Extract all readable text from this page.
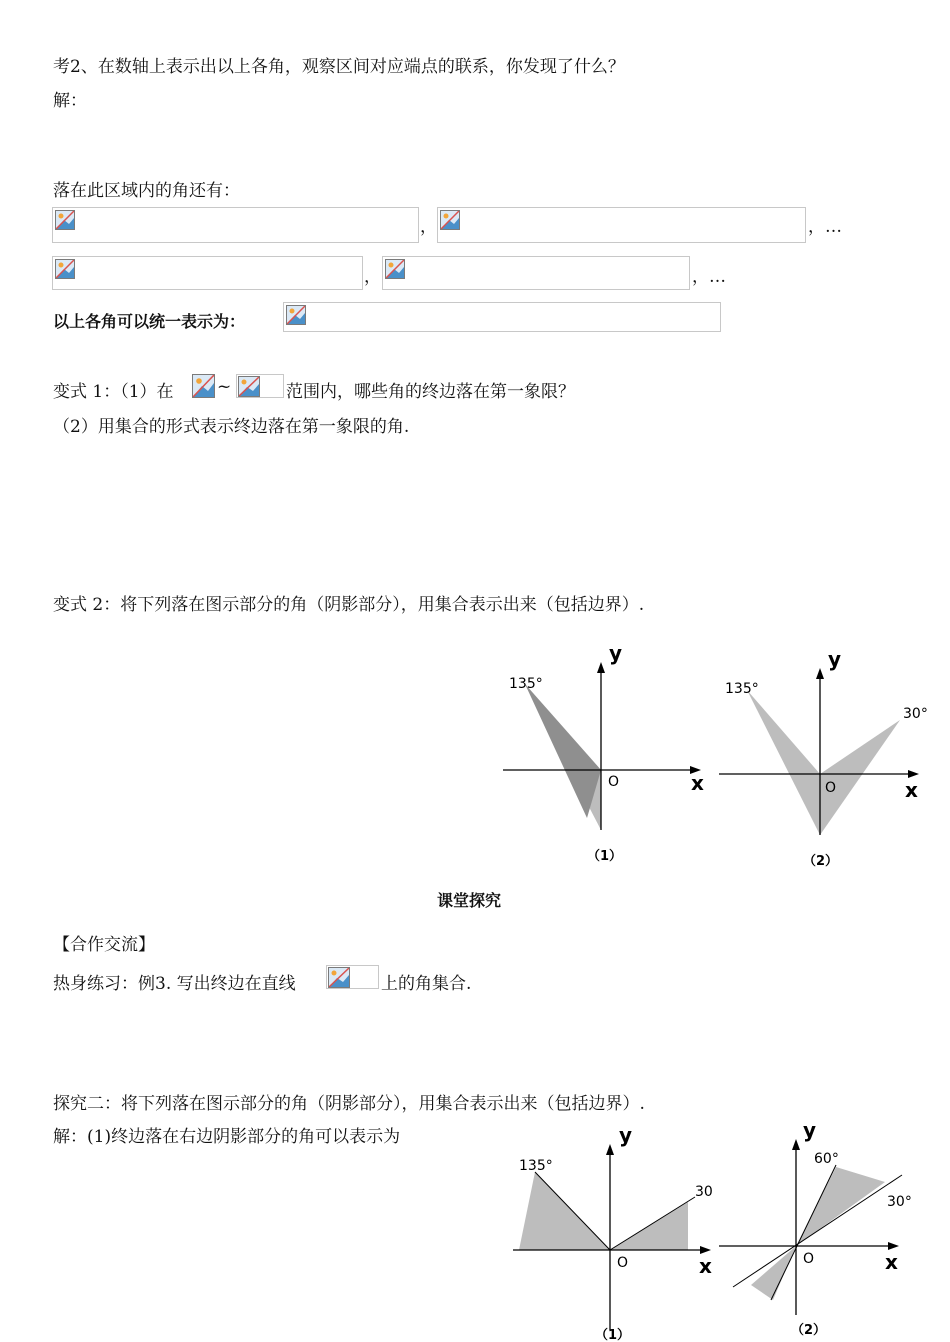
考2、在数轴上表示出以上各角，观察区间对应端点的联系，你发现了什么？
解：
落在此区域内的角还有：
，	，…
，	，…
以上各角可以统一表示为：
变式 1：（1）在	~	范围内，哪些角的终边落在第一象限？
（2）用集合的形式表示终边落在第一象限的角.
变式 2：将下列落在图示部分的角（阴影部分），用集合表示出来（包括边界）.
y
x
O
135°
（1）
y
x
O
135°
30°
（2）
课堂探究
【合作交流】
热身练习：例3. 写出终边在直线	上的角集合.
探究二：将下列落在图示部分的角（阴影部分），用集合表示出来（包括边界）.
解：(1)终边落在右边阴影部分的角可以表示为	y
x
O
135°
30
（1）
y
x
O
60°
30°
（2）
